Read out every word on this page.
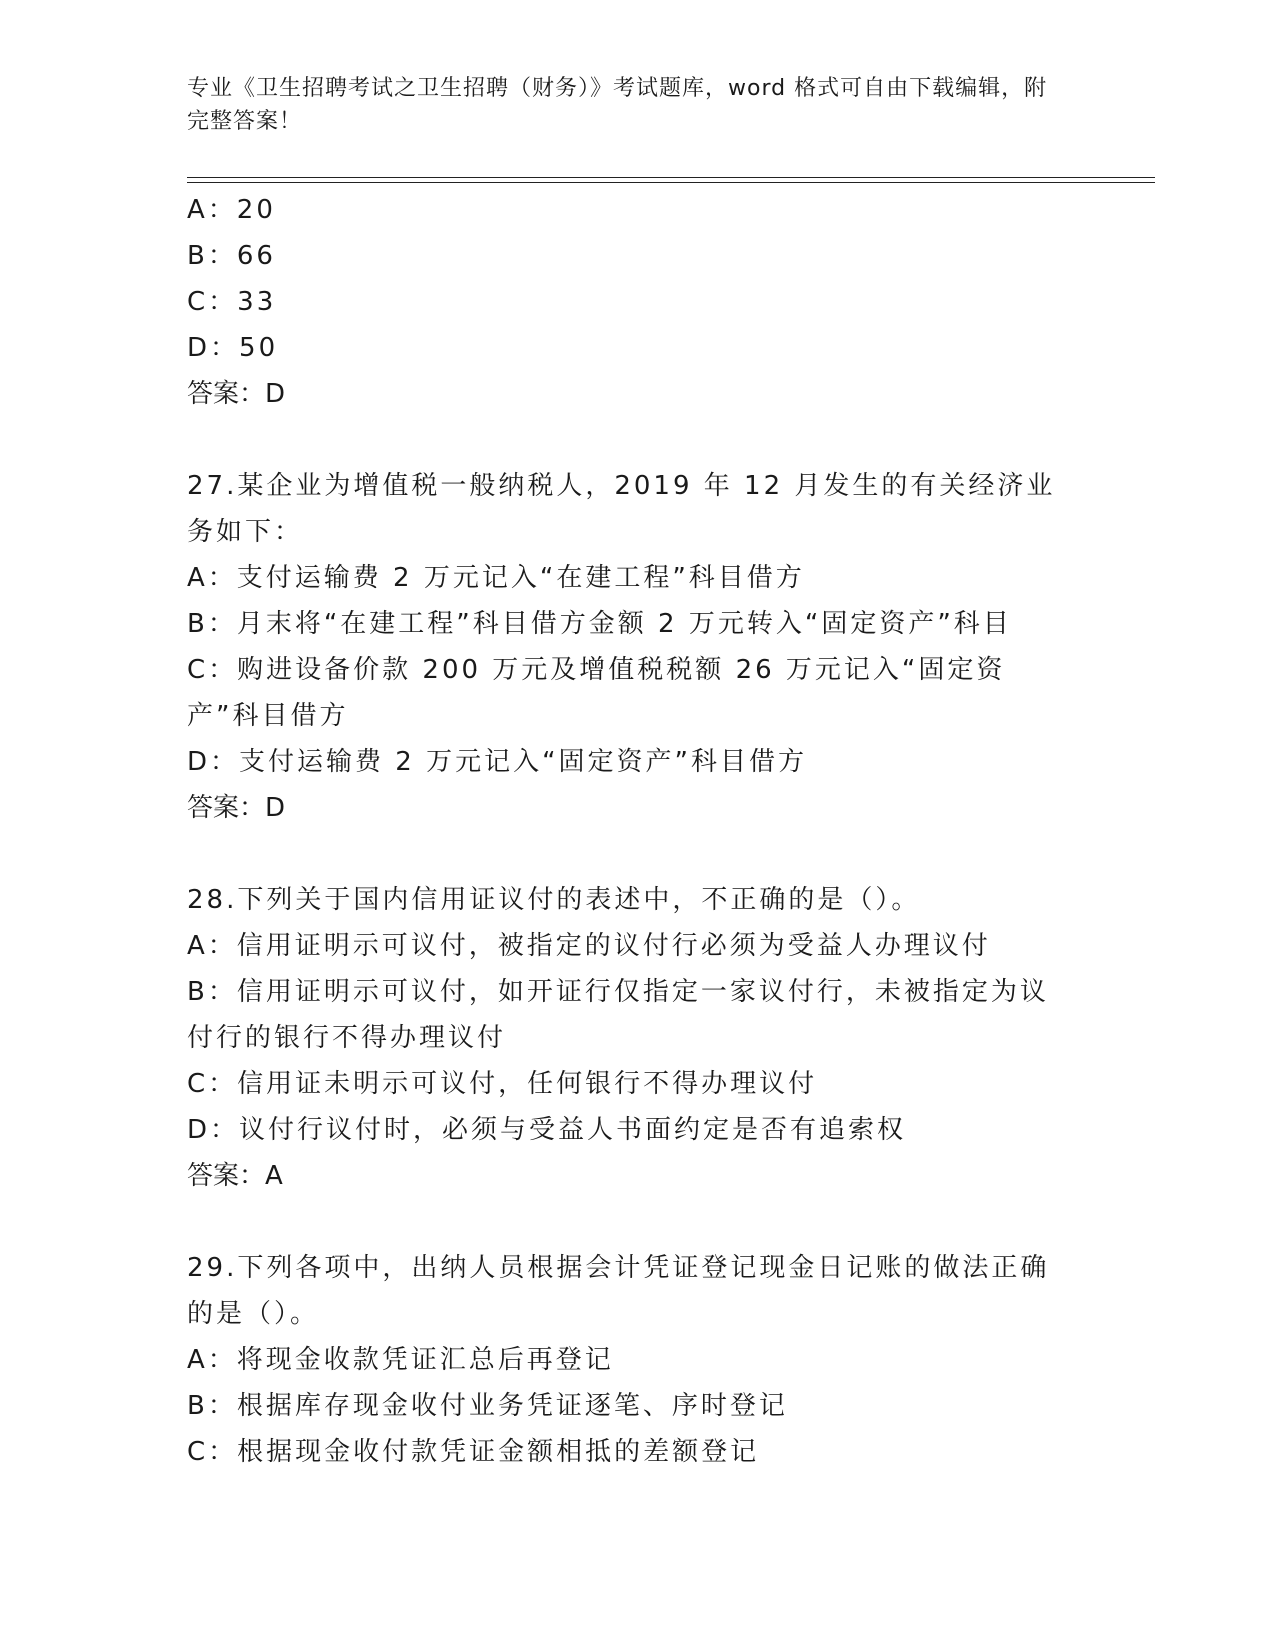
专业《卫生招聘考试之卫生招聘（财务）》考试题库，word 格式可自由下载编辑，附完整答案！
A：20
B：66
C：33
D：50
答案：D
27.某企业为增值税一般纳税人，2019 年 12 月发生的有关经济业务如下：
A：支付运输费 2 万元记入“在建工程”科目借方
B：月末将“在建工程”科目借方金额 2 万元转入“固定资产”科目
C：购进设备价款 200 万元及增值税税额 26 万元记入“固定资产”科目借方
D：支付运输费 2 万元记入“固定资产”科目借方
答案：D
28.下列关于国内信用证议付的表述中，不正确的是（）。
A：信用证明示可议付，被指定的议付行必须为受益人办理议付
B：信用证明示可议付，如开证行仅指定一家议付行，未被指定为议付行的银行不得办理议付
C：信用证未明示可议付，任何银行不得办理议付
D：议付行议付时，必须与受益人书面约定是否有追索权
答案：A
29.下列各项中，出纳人员根据会计凭证登记现金日记账的做法正确的是（）。
A：将现金收款凭证汇总后再登记
B：根据库存现金收付业务凭证逐笔、序时登记
C：根据现金收付款凭证金额相抵的差额登记
